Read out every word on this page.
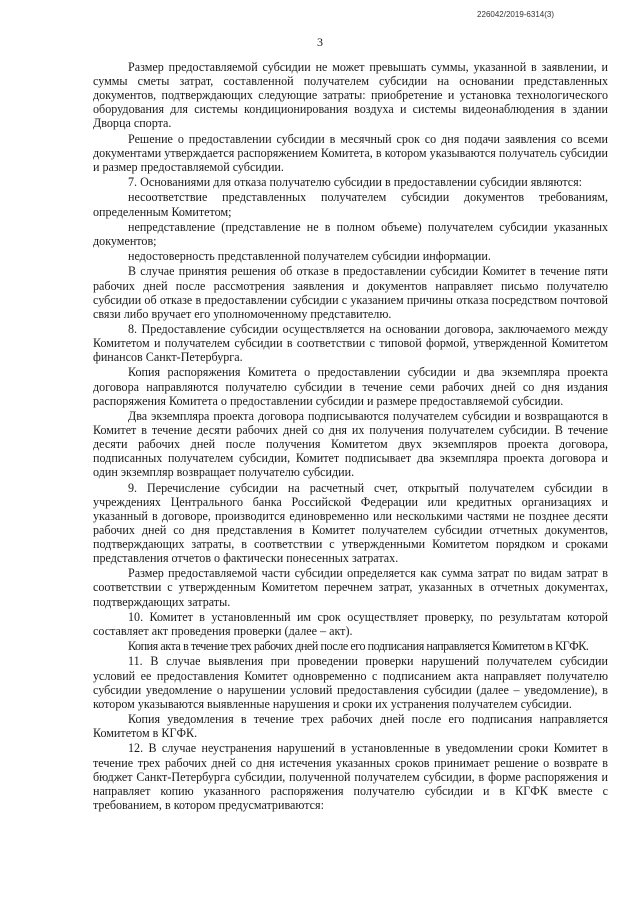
226042/2019-6314(3)
3

Размер предоставляемой субсидии не может превышать суммы, указанной в заявлении, и суммы сметы затрат, составленной получателем субсидии на основании представленных документов, подтверждающих следующие затраты: приобретение и установка технологического оборудования для системы кондиционирования воздуха и системы видеонаблюдения в здании Дворца спорта.

Решение о предоставлении субсидии в месячный срок со дня подачи заявления со всеми документами утверждается распоряжением Комитета, в котором указываются получатель субсидии и размер предоставляемой субсидии.

7. Основаниями для отказа получателю субсидии в предоставлении субсидии являются:

несоответствие представленных получателем субсидии документов требованиям, определенным Комитетом;

непредставление (представление не в полном объеме) получателем субсидии указанных документов;

недостоверность представленной получателем субсидии информации.

В случае принятия решения об отказе в предоставлении субсидии Комитет в течение пяти рабочих дней после рассмотрения заявления и документов направляет письмо получателю субсидии об отказе в предоставлении субсидии с указанием причины отказа посредством почтовой связи либо вручает его уполномоченному представителю.

8. Предоставление субсидии осуществляется на основании договора, заключаемого между Комитетом и получателем субсидии в соответствии с типовой формой, утвержденной Комитетом финансов Санкт-Петербурга.

Копия распоряжения Комитета о предоставлении субсидии и два экземпляра проекта договора направляются получателю субсидии в течение семи рабочих дней со дня издания распоряжения Комитета о предоставлении субсидии и размере предоставляемой субсидии.

Два экземпляра проекта договора подписываются получателем субсидии и возвращаются в Комитет в течение десяти рабочих дней со дня их получения получателем субсидии. В течение десяти рабочих дней после получения Комитетом двух экземпляров проекта договора, подписанных получателем субсидии, Комитет подписывает два экземпляра проекта договора и один экземпляр возвращает получателю субсидии.

9. Перечисление субсидии на расчетный счет, открытый получателем субсидии в учреждениях Центрального банка Российской Федерации или кредитных организациях и указанный в договоре, производится единовременно или несколькими частями не позднее десяти рабочих дней со дня представления в Комитет получателем субсидии отчетных документов, подтверждающих затраты, в соответствии с утвержденными Комитетом порядком и сроками представления отчетов о фактически понесенных затратах.

Размер предоставляемой части субсидии определяется как сумма затрат по видам затрат в соответствии с утвержденным Комитетом перечнем затрат, указанных в отчетных документах, подтверждающих затраты.

10. Комитет в установленный им срок осуществляет проверку, по результатам которой составляет акт проведения проверки (далее – акт).

Копия акта в течение трех рабочих дней после его подписания направляется Комитетом в КГФК.

11. В случае выявления при проведении проверки нарушений получателем субсидии условий ее предоставления Комитет одновременно с подписанием акта направляет получателю субсидии уведомление о нарушении условий предоставления субсидии (далее – уведомление), в котором указываются выявленные нарушения и сроки их устранения получателем субсидии.

Копия уведомления в течение трех рабочих дней после его подписания направляется Комитетом в КГФК.

12. В случае неустранения нарушений в установленные в уведомлении сроки Комитет в течение трех рабочих дней со дня истечения указанных сроков принимает решение о возврате в бюджет Санкт-Петербурга субсидии, полученной получателем субсидии, в форме распоряжения и направляет копию указанного распоряжения получателю субсидии и в КГФК вместе с требованием, в котором предусматриваются:
